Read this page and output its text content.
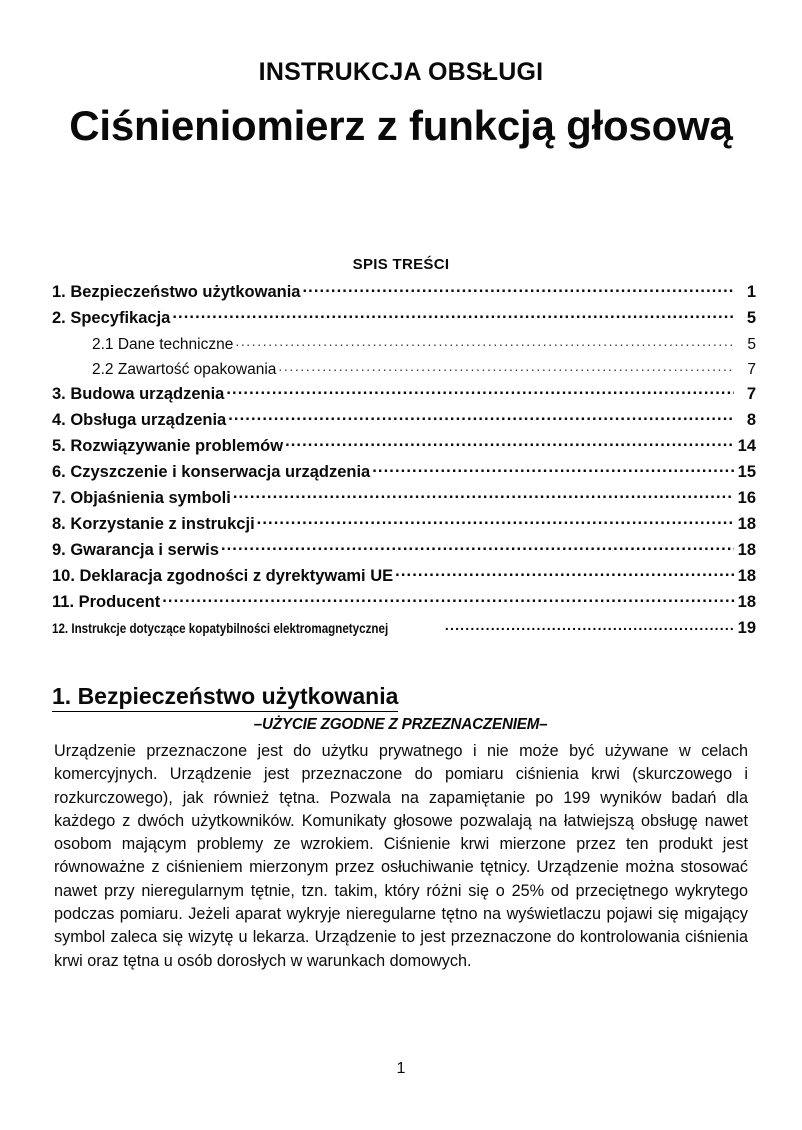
INSTRUKCJA OBSŁUGI
Ciśnieniomierz z funkcją głosową
SPIS TREŚCI
1. Bezpieczeństwo użytkowania .....	1
2. Specyfikacja .....	5
2.1 Dane techniczne .....	5
2.2 Zawartość opakowania .....	7
3. Budowa urządzenia .....	7
4. Obsługa urządzenia .....	8
5. Rozwiązywanie problemów .....	14
6. Czyszczenie i konserwacja urządzenia .....	15
7. Objaśnienia symboli .....	16
8. Korzystanie z instrukcji .....	18
9. Gwarancja i serwis .....	18
10. Deklaracja zgodności z dyrektywami UE .....	18
11. Producent .....	18
12. Instrukcje dotyczące kopatybilności elektromagnetycznej .....	19
1. Bezpieczeństwo użytkowania
–UŻYCIE ZGODNE Z PRZEZNACZENIEM–
Urządzenie przeznaczone jest do użytku prywatnego i nie może być używane w celach komercyjnych. Urządzenie jest przeznaczone do pomiaru ciśnienia krwi (skurczowego i rozkurczowego), jak również tętna. Pozwala na zapamiętanie po 199 wyników badań dla każdego z dwóch użytkowników. Komunikaty głosowe pozwalają na łatwiejszą obsługę nawet osobom mającym problemy ze wzrokiem. Ciśnienie krwi mierzone przez ten produkt jest równoważne z ciśnieniem mierzonym przez osłuchiwanie tętnicy. Urządzenie można stosować nawet przy nieregularnym tętnie, tzn. takim, który różni się o 25% od przeciętnego wykrytego podczas pomiaru. Jeżeli aparat wykryje nieregularne tętno na wyświetlaczu pojawi się migający symbol zaleca się wizytę u lekarza. Urządzenie to jest przeznaczone do kontrolowania ciśnienia krwi oraz tętna u osób dorosłych w warunkach domowych.
1
